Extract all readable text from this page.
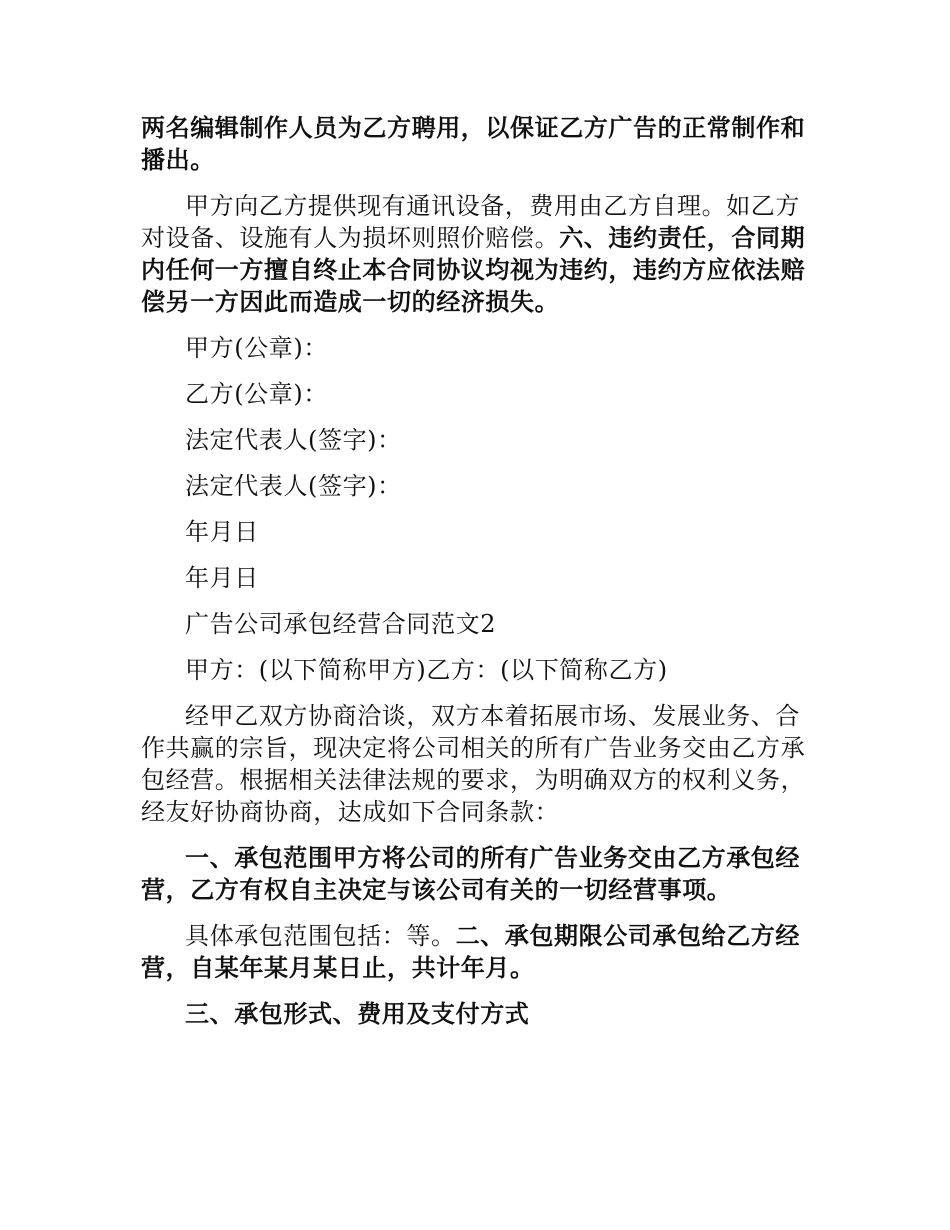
两名编辑制作人员为乙方聘用，以保证乙方广告的正常制作和播出。

甲方向乙方提供现有通讯设备，费用由乙方自理。如乙方对设备、设施有人为损坏则照价赔偿。六、违约责任，合同期内任何一方擅自终止本合同协议均视为违约，违约方应依法赔偿另一方因此而造成一切的经济损失。

甲方(公章)：

乙方(公章)：

法定代表人(签字)：

法定代表人(签字)：

年月日

年月日

广告公司承包经营合同范文2

甲方：(以下简称甲方)乙方：(以下简称乙方)

经甲乙双方协商洽谈，双方本着拓展市场、发展业务、合作共赢的宗旨，现决定将公司相关的所有广告业务交由乙方承包经营。根据相关法律法规的要求，为明确双方的权利义务，经友好协商协商，达成如下合同条款：

一、承包范围甲方将公司的所有广告业务交由乙方承包经营，乙方有权自主决定与该公司有关的一切经营事项。

具体承包范围包括：等。二、承包期限公司承包给乙方经营，自某年某月某日止，共计年月。

三、承包形式、费用及支付方式
